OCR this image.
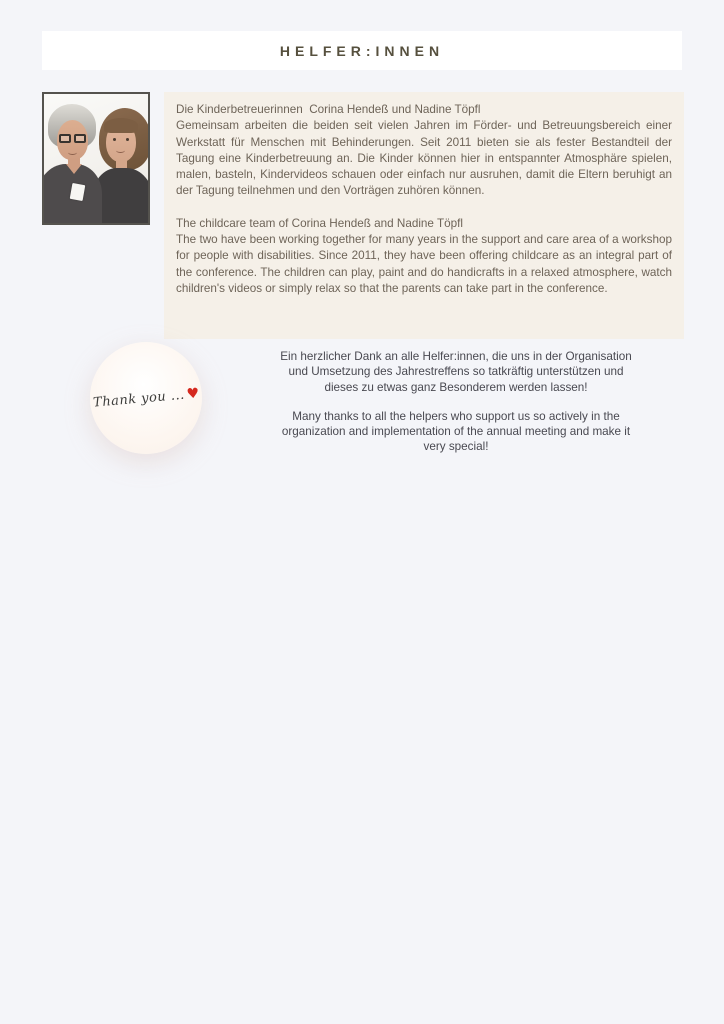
HELFER:INNEN
Die Kinderbetreuerinnen  Corina Hendeß und Nadine Töpfl
Gemeinsam arbeiten die beiden seit vielen Jahren im Förder- und Betreuungsbereich einer Werkstatt für Menschen mit Behinderungen. Seit 2011 bieten sie als fester Bestandteil der Tagung eine Kinderbetreuung an. Die Kinder können hier in entspannter Atmosphäre spielen, malen, basteln, Kindervideos schauen oder einfach nur ausruhen, damit die Eltern beruhigt an der Tagung teilnehmen und den Vorträgen zuhören können.
The childcare team of Corina Hendeß and Nadine Töpfl
The two have been working together for many years in the support and care area of a workshop for people with disabilities. Since 2011, they have been offering childcare as an integral part of the conference. The children can play, paint and do handicrafts in a relaxed atmosphere, watch children's videos or simply relax so that the parents can take part in the conference.
Thank you ...♥
Ein herzlicher Dank an alle Helfer:innen, die uns in der Organisation
und Umsetzung des Jahrestreffens so tatkräftig unterstützen und
dieses zu etwas ganz Besonderem werden lassen!
Many thanks to all the helpers who support us so actively in the
organization and implementation of the annual meeting and make it
very special!
